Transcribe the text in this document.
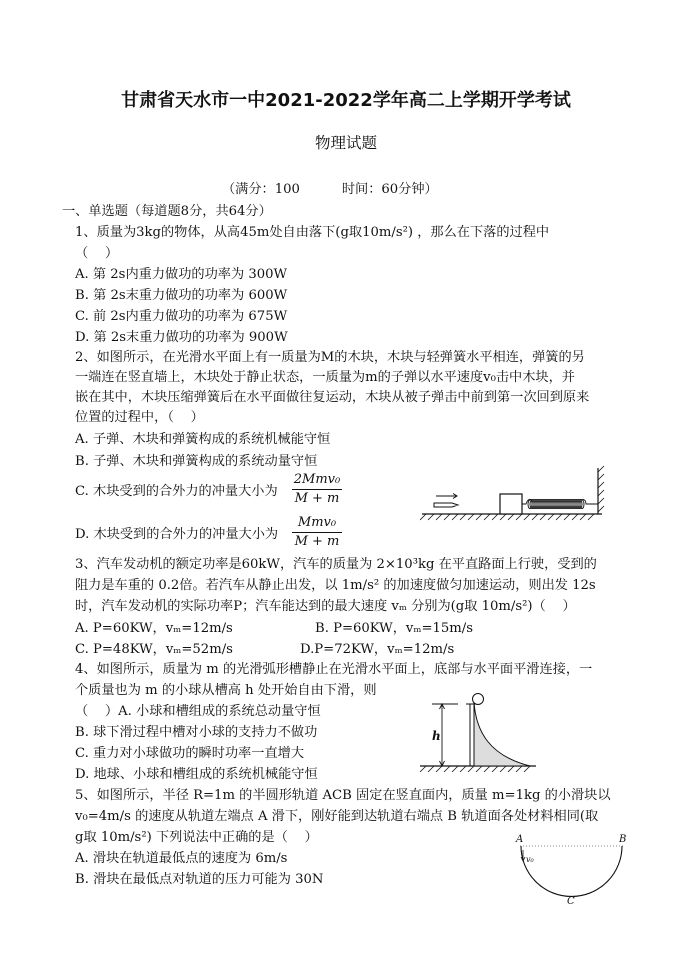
甘肃省天水市一中2021-2022学年高二上学期开学考试
物理试题
（满分：100          时间：60分钟）
一、单选题（每道题8分，共64分）
1、质量为3kg的物体，从高45m处自由落下(g取10m/s²) ，那么在下落的过程中
（    ）
A. 第 2s内重力做功的功率为 300W
B. 第 2s末重力做功的功率为 600W
C. 前 2s内重力做功的功率为 675W
D. 第 2s末重力做功的功率为 900W
2、如图所示，在光滑水平面上有一质量为M的木块，木块与轻弹簧水平相连，弹簧的另
一端连在竖直墙上，木块处于静止状态，一质量为m的子弹以水平速度v₀击中木块，并
嵌在其中，木块压缩弹簧后在水平面做往复运动，木块从被子弹击中前到第一次回到原来
位置的过程中，（    ）
A. 子弹、木块和弹簧构成的系统机械能守恒
B. 子弹、木块和弹簧构成的系统动量守恒
C. 木块受到的合外力的冲量大小为
2Mmv₀
M + m
D. 木块受到的合外力的冲量大小为
Mmv₀
M + m
3、汽车发动机的额定功率是60kW，汽车的质量为 2×10³kg 在平直路面上行驶，受到的
阻力是车重的 0.2倍。若汽车从静止出发，以 1m/s² 的加速度做匀加速运动，则出发 12s
时，汽车发动机的实际功率P；汽车能达到的最大速度 vₘ 分别为(g取 10m/s²)（    ）
A. P=60KW，vₘ=12m/s	B. P=60KW，vₘ=15m/s
C. P=48KW，vₘ=52m/s	D.P=72KW，vₘ=12m/s
4、如图所示，质量为 m 的光滑弧形槽静止在光滑水平面上，底部与水平面平滑连接，一
个质量也为 m 的小球从槽高 h 处开始自由下滑，则
（    ）A. 小球和槽组成的系统总动量守恒
B. 球下滑过程中槽对小球的支持力不做功
C. 重力对小球做功的瞬时功率一直增大
D. 地球、小球和槽组成的系统机械能守恒
h
5、如图所示，半径 R=1m 的半圆形轨道 ACB 固定在竖直面内，质量 m=1kg 的小滑块以
v₀=4m/s 的速度从轨道左端点 A 滑下，刚好能到达轨道右端点 B 轨道面各处材料相同(取
g取 10m/s²) 下列说法中正确的是（    ）
A. 滑块在轨道最低点的速度为 6m/s
B. 滑块在最低点对轨道的压力可能为 30N
A	B
C
v₀
